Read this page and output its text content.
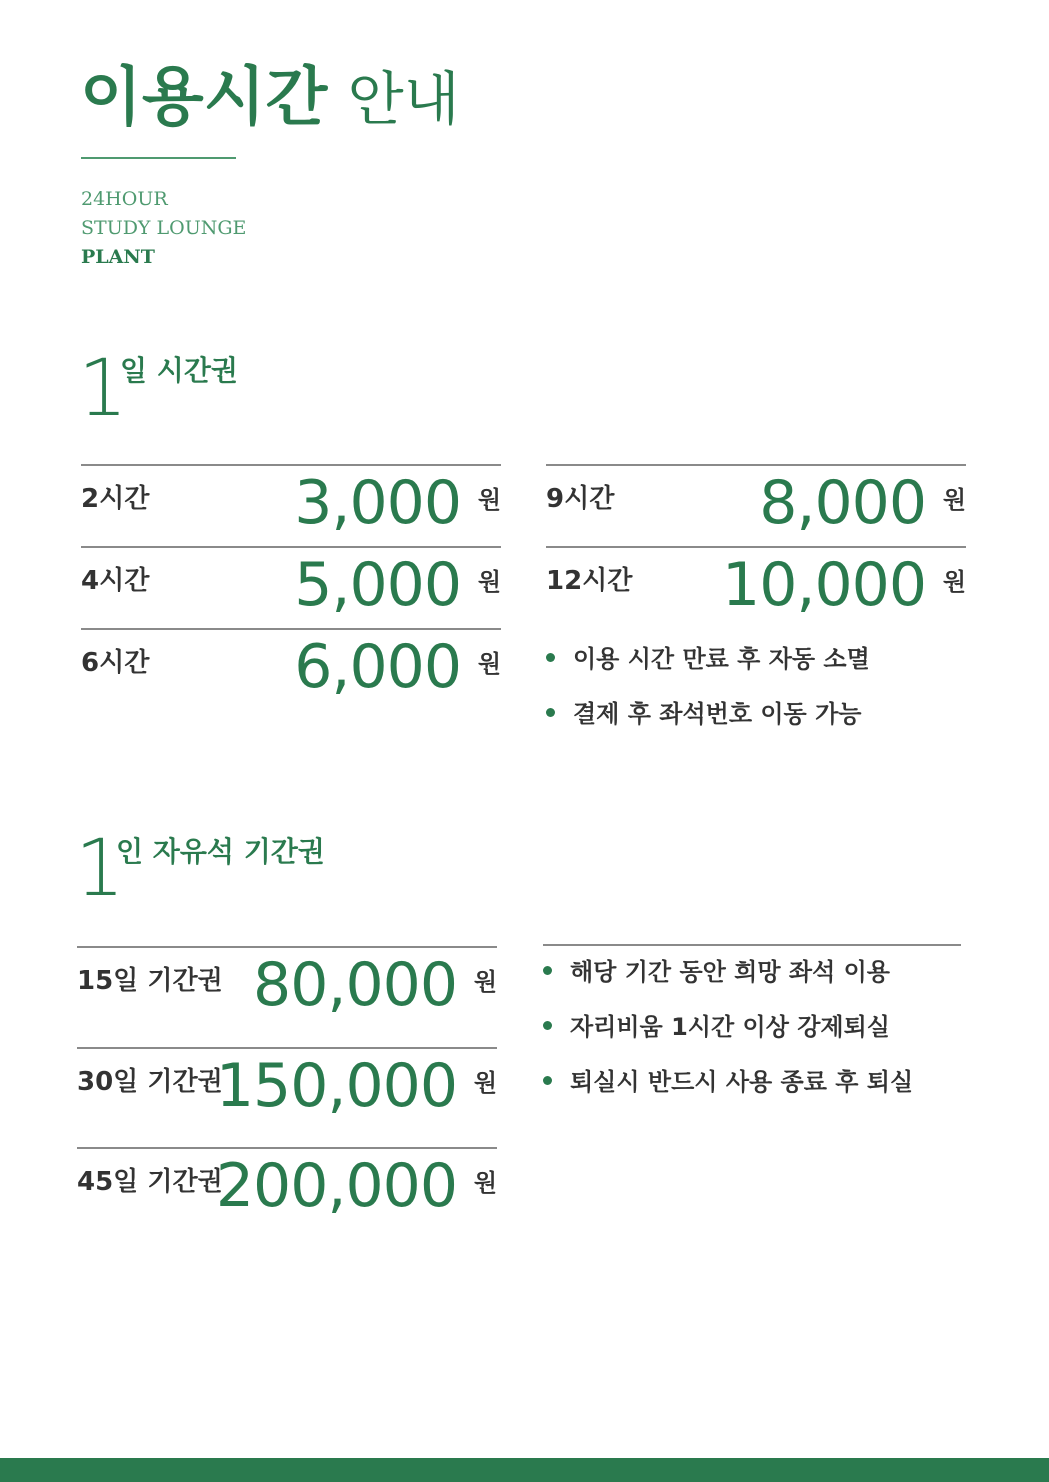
이용시간 안내
24HOUR
STUDY LOUNGE
PLANT
1
일 시간권
2시간 3,000 원
4시간 5,000 원
6시간 6,000 원
9시간 8,000 원
12시간 10,000 원
이용 시간 만료 후 자동 소멸
결제 후 좌석번호 이동 가능
1
인 자유석 기간권
15일 기간권 80,000 원
30일 기간권
150,000 원
45일 기간권
200,000 원
해당 기간 동안 희망 좌석 이용
자리비움 1시간 이상 강제퇴실
퇴실시 반드시 사용 종료 후 퇴실
